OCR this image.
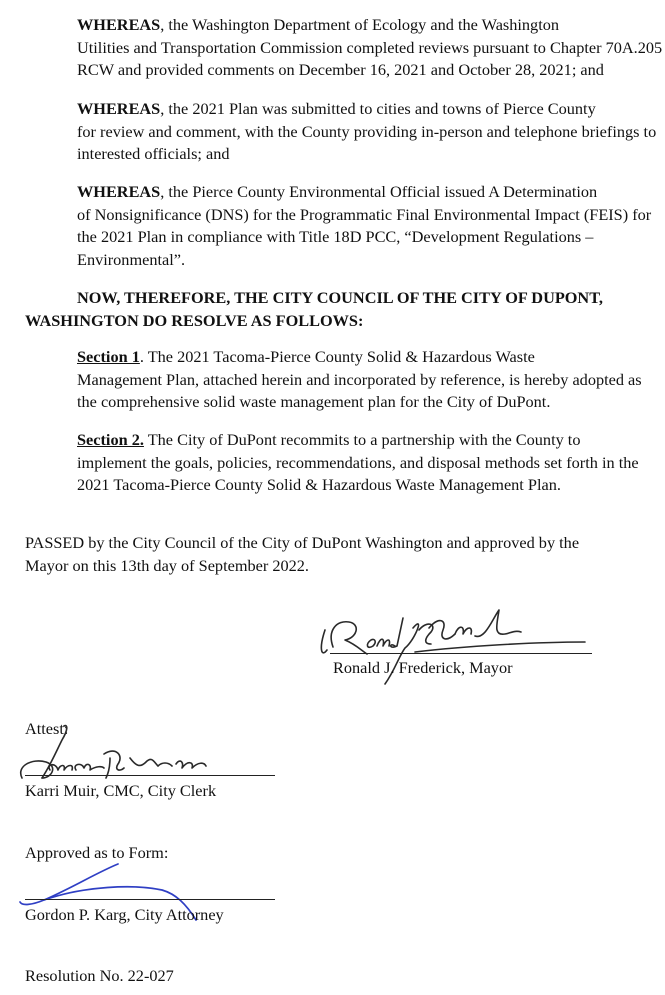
WHEREAS, the Washington Department of Ecology and the Washington
Utilities and Transportation Commission completed reviews pursuant to Chapter 70A.205
RCW and provided comments on December 16, 2021 and October 28, 2021; and
WHEREAS, the 2021 Plan was submitted to cities and towns of Pierce County
for review and comment, with the County providing in-person and telephone briefings to
interested officials; and
WHEREAS, the Pierce County Environmental Official issued A Determination
of Nonsignificance (DNS) for the Programmatic Final Environmental Impact (FEIS) for
the 2021 Plan in compliance with Title 18D PCC, “Development Regulations –
Environmental”.
NOW, THEREFORE, THE CITY COUNCIL OF THE CITY OF DUPONT,
WASHINGTON DO RESOLVE AS FOLLOWS:
Section 1. The 2021 Tacoma-Pierce County Solid & Hazardous Waste
Management Plan, attached herein and incorporated by reference, is hereby adopted as
the comprehensive solid waste management plan for the City of DuPont.
Section 2. The City of DuPont recommits to a partnership with the County to
implement the goals, policies, recommendations, and disposal methods set forth in the
2021 Tacoma-Pierce County Solid & Hazardous Waste Management Plan.
PASSED by the City Council of the City of DuPont Washington and approved by the
Mayor on this 13th day of September 2022.
Ronald J. Frederick, Mayor
Attest:
Karri Muir, CMC, City Clerk
Approved as to Form:
Gordon P. Karg, City Attorney
Resolution No. 22-027
